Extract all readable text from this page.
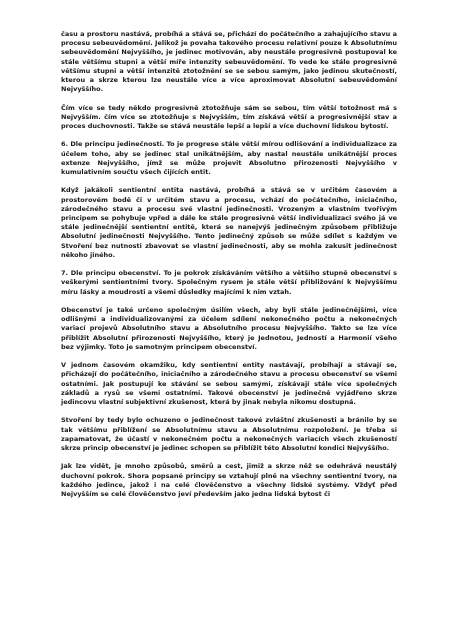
času a prostoru nastává, probíhá a stává se, přichází do počátečního a zahajujícího stavu a procesu sebeuvědomění. Jelikož je povaha takového procesu relativní pouze k Absolutnímu sebeuvědomění Nejvyššího, je jedinec motivován, aby neustále progresivně postupoval ke stále většímu stupni a větší míře intenzity sebeuvědomění. To vede ke stále progresivně většímu stupni a větší intenzitě ztotožnění se se sebou samým, jako jedinou skutečností, kterou a skrze kterou lze neustále více a více aproximovat Absolutní sebeuvědomění Nejvyššího.

Čím více se tedy někdo progresivně ztotožňuje sám se sebou, tím větší totožnost má s Nejvyšším. čím více se ztotožňuje s Nejvyšším, tím získává větší a progresivnější stav a proces duchovnosti. Takže se stává neustále lepší a lepší a více duchovní lidskou bytostí.

6. Dle principu jedinečnosti. To je progrese stále větší mírou odlišování a individualizace za účelem toho, aby se jedinec stal unikátnějším, aby nastal neustále unikátnější proces extenze Nejvyššího, jímž se může projevit Absolutno přirozenosti Nejvyššího v kumulativním součtu všech čijících entit.

Když jakákoli sentientní entita nastává, probíhá a stává se v určitém časovém a prostorovém bodě či v určitém stavu a procesu, vchází do počátečního, iniciačního, zárodečného stavu a procesu své vlastní jedinečnosti. Vrozeným a vlastním tvořivým principem se pohybuje vpřed a dále ke stále progresivně větší individualizaci svého já ve stále jedinečnější sentientní entitě, která se nanejvýš jedinečným způsobem přibližuje Absolutní jedinečnosti Nejvyššího. Tento jedinečný způsob se může sdílet s každým ve Stvoření bez nutnosti zbavovat se vlastní jedinečnosti, aby se mohla zakusit jedinečnost někoho jiného.

7. Dle principu obecenství. To je pokrok získáváním většího a většího stupně obecenství s veškerými sentientními tvory. Společným rysem je stále větší přibližování k Nejvyššímu míru lásky a moudrosti a všemi důsledky majícími k nim vztah.

Obecenství je také určeno společným úsilím všech, aby byli stále jedinečnějšími, více odlišnými a individualizovanými za účelem sdílení nekonečného počtu a nekonečných variací projevů Absolutního stavu a Absolutního procesu Nejvyššího. Takto se lze více přiblížit Absolutní přirozenosti Nejvyššího, který je Jednotou, Jedností a Harmonií všeho bez výjimky. Toto je samotným principem obecenství.

V jednom časovém okamžiku, kdy sentientní entity nastávají, probíhají a stávají se, přicházejí do počátečního, iniciačního a zárodečného stavu a procesu obecenství se všemi ostatními. Jak postupují ke stávání se sebou samými, získávají stále více společných základů a rysů se všemi ostatními. Takové obecenství je jedinečně vyjádřeno skrze jedincovu vlastní subjektivní zkušenost, která by jinak nebyla nikomu dostupná.

Stvoření by tedy bylo ochuzeno o jedinečnost takové zvláštní zkušenosti a bránilo by se tak většímu přiblížení se Absolutnímu stavu a Absolutnímu rozpoložení. Je třeba si zapamatovat, že účastí v nekonečném počtu a nekonečných variacích všech zkušeností skrze princip obecenství je jedinec schopen se přiblížit této Absolutní kondici Nejvyššího.

Jak lze vidět, je mnoho způsobů, směrů a cest, jimiž a skrze něž se odehrává neustálý duchovní pokrok. Shora popsané principy se vztahují plně na všechny sentientní tvory, na každého jedince, jakož i na celé člověčenstvo a všechny lidské systémy. Vždyť před Nejvyšším se celé člověčenstvo jeví především jako jedna lidská bytost či
